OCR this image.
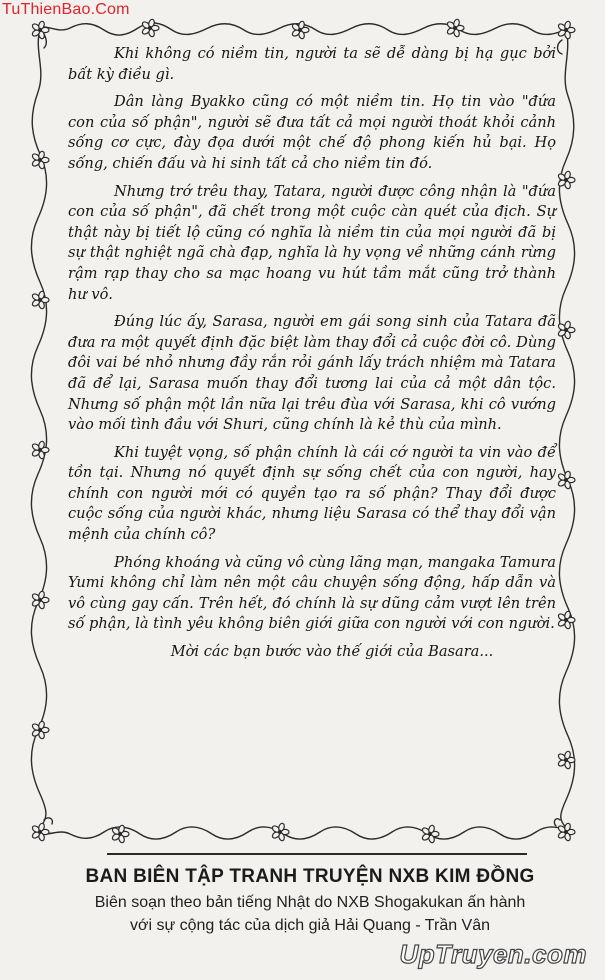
TuThienBao.Com

Khi không có niềm tin, người ta sẽ dễ dàng bị hạ gục bởi bất kỳ điều gì.

Dân làng Byakko cũng có một niềm tin. Họ tin vào "đứa con của số phận", người sẽ đưa tất cả mọi người thoát khỏi cảnh sống cơ cực, đày đọa dưới một chế độ phong kiến hủ bại. Họ sống, chiến đấu và hi sinh tất cả cho niềm tin đó.

Nhưng trớ trêu thay, Tatara, người được công nhận là "đứa con của số phận", đã chết trong một cuộc càn quét của địch. Sự thật này bị tiết lộ cũng có nghĩa là niềm tin của mọi người đã bị sự thật nghiệt ngã chà đạp, nghĩa là hy vọng về những cánh rừng rậm rạp thay cho sa mạc hoang vu hút tầm mắt cũng trở thành hư vô.

Đúng lúc ấy, Sarasa, người em gái song sinh của Tatara đã đưa ra một quyết định đặc biệt làm thay đổi cả cuộc đời cô. Dùng đôi vai bé nhỏ nhưng đầy rắn rỏi gánh lấy trách nhiệm mà Tatara đã để lại, Sarasa muốn thay đổi tương lai của cả một dân tộc. Nhưng số phận một lần nữa lại trêu đùa với Sarasa, khi cô vướng vào mối tình đầu với Shuri, cũng chính là kẻ thù của mình.

Khi tuyệt vọng, số phận chính là cái cớ người ta vin vào để tồn tại. Nhưng nó quyết định sự sống chết của con người, hay chính con người mới có quyền tạo ra số phận? Thay đổi được cuộc sống của người khác, nhưng liệu Sarasa có thể thay đổi vận mệnh của chính cô?

Phóng khoáng và cũng vô cùng lãng mạn, mangaka Tamura Yumi không chỉ làm nên một câu chuyện sống động, hấp dẫn và vô cùng gay cấn. Trên hết, đó chính là sự dũng cảm vượt lên trên số phận, là tình yêu không biên giới giữa con người với con người.

Mời các bạn bước vào thế giới của Basara...

BAN BIÊN TẬP TRANH TRUYỆN NXB KIM ĐỒNG
Biên soạn theo bản tiếng Nhật do NXB Shogakukan ấn hành
với sự cộng tác của dịch giả Hải Quang - Trần Vân
UpTruyen.com
